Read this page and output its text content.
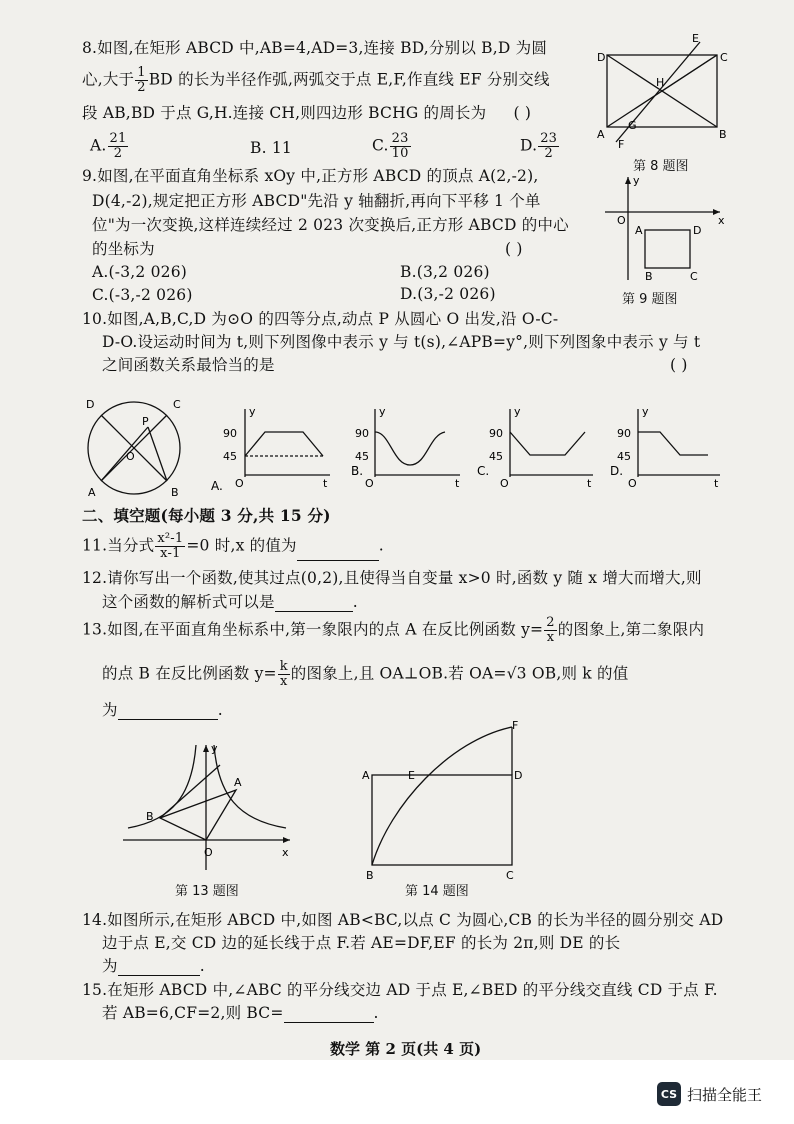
8.如图,在矩形 ABCD 中,AB=4,AD=3,连接 BD,分别以 B,D 为圆
心,大于 $\frac{1}{2}$ BD 的长为半径作弧,两弧交于点 E,F,作直线 EF 分别交线
段 AB,BD 于点 G,H.连接 CH,则四边形 BCHG 的周长为 ( )
A. $\frac{21}{2}$	B. 11	C. $\frac{23}{10}$	D. $\frac{23}{2}$
D	C
A	B
E
F
G
H
第 8 题图
9.如图,在平面直角坐标系 xOy 中,正方形 ABCD 的顶点 A(2,-2),
D(4,-2),规定把正方形 ABCD"先沿 y 轴翻折,再向下平移 1 个单
位"为一次变换,这样连续经过 2 023 次变换后,正方形 ABCD 的中心
的坐标为	( )
A.(-3,2 026)	B.(3,2 026)
C.(-3,-2 026)	D.(3,-2 026)
y
x
O
A	D
B	C
第 9 题图
10.如图,A,B,C,D 为⊙O 的四等分点,动点 P 从圆心 O 出发,沿 O-C-
D-O.设运动时间为 t,则下列图像中表示 y 与 t(s),∠APB=y°,则下列图象中表示 y 与 t
之间函数关系最恰当的是	( )
D	C
A	B
O
P
A.
90
45
O
y
t
B.
90
45
O
y
t
C.
90
45
O
y
t
D.
90
45
O
y
t
二、填空题(每小题 3 分,共 15 分)
11.当分式 $\frac{\text{x²-1}}{x-1} =0$ 时,x 的值为	.
12.请你写出一个函数,使其过点(0,2),且使得当自变量 x>0 时,函数 y 随 x 增大而增大,则
这个函数的解析式可以是	.
13.如图,在平面直角坐标系中,第一象限内的点 A 在反比例函数 $y= \frac{2}{x}$ 的图象上,第二象限内
的点 B 在反比例函数 $y= \frac{k}{x}$ 的图象上,且 OA⊥OB.若 OA=√3 OB,则 k 的值
为	.
y
x
O
A
B
第 13 题图
A	E	D
F
B	C
第 14 题图
14.如图所示,在矩形 ABCD 中,如图 AB<BC,以点 C 为圆心,CB 的长为半径的圆分别交 AD
边于点 E,交 CD 边的延长线于点 F.若 AE=DF,EF 的长为 2π,则 DE 的长
为	.
15.在矩形 ABCD 中,∠ABC 的平分线交边 AD 于点 E,∠BED 的平分线交直线 CD 于点 F.
若 AB=6,CF=2,则 BC=	.
数学 第 2 页(共 4 页)
CS 扫描全能王
